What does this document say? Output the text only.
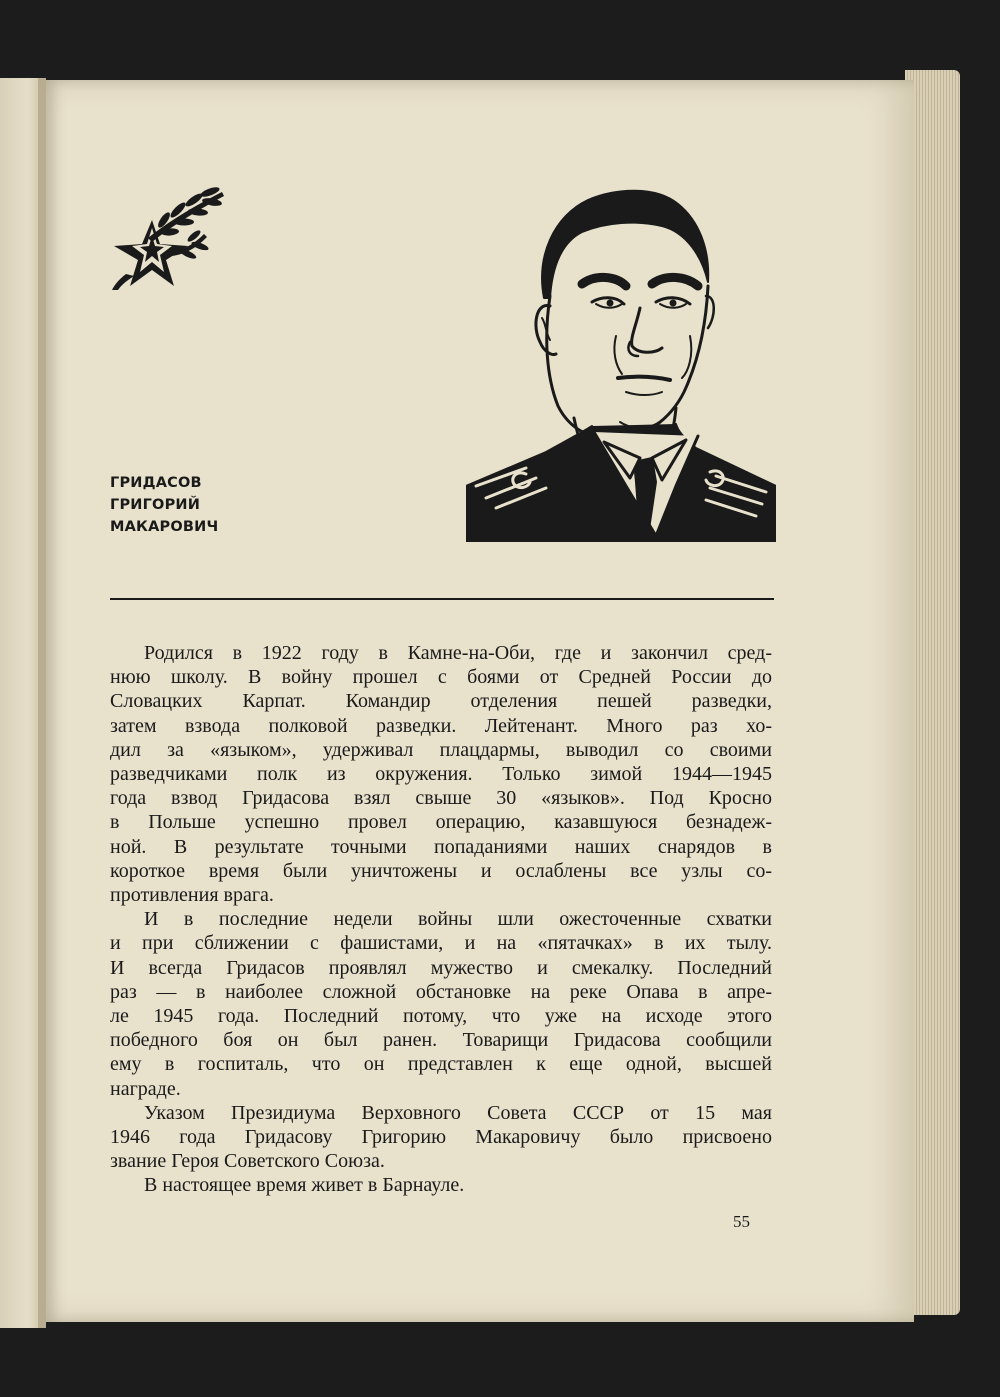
ГРИДАСОВ
ГРИГОРИЙ
МАКАРОВИЧ

Родился в 1922 году в Камне-на-Оби, где и закончил сред-
нюю школу. В войну прошел с боями от Средней России до
Словацких Карпат. Командир отделения пешей разведки,
затем взвода полковой разведки. Лейтенант. Много раз хо-
дил за «языком», удерживал плацдармы, выводил со своими
разведчиками полк из окружения. Только зимой 1944—1945
года взвод Гридасова взял свыше 30 «языков». Под Кросно
в Польше успешно провел операцию, казавшуюся безнадеж-
ной. В результате точными попаданиями наших снарядов в
короткое время были уничтожены и ослаблены все узлы со-
противления врага.

И в последние недели войны шли ожесточенные схватки
и при сближении с фашистами, и на «пятачках» в их тылу.
И всегда Гридасов проявлял мужество и смекалку. Последний
раз — в наиболее сложной обстановке на реке Опава в апре-
ле 1945 года. Последний потому, что уже на исходе этого
победного боя он был ранен. Товарищи Гридасова сообщили
ему в госпиталь, что он представлен к еще одной, высшей
награде.

Указом Президиума Верховного Совета СССР от 15 мая
1946 года Гридасову Григорию Макаровичу было присвоено
звание Героя Советского Союза.

В настоящее время живет в Барнауле.

55
